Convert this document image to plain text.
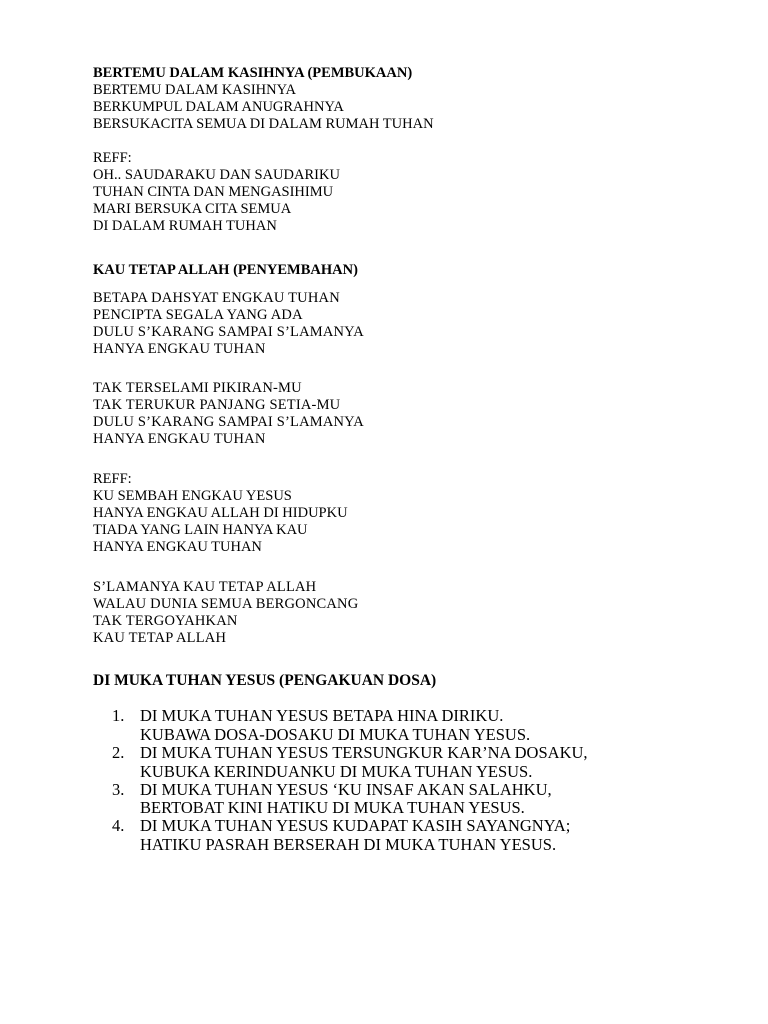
BERTEMU DALAM KASIHNYA (PEMBUKAAN)
BERTEMU DALAM KASIHNYA
BERKUMPUL DALAM ANUGRAHNYA
BERSUKACITA SEMUA DI DALAM RUMAH TUHAN
REFF:
OH.. SAUDARAKU DAN SAUDARIKU
TUHAN CINTA DAN MENGASIHIMU
MARI BERSUKA CITA SEMUA
DI DALAM RUMAH TUHAN
KAU TETAP ALLAH (PENYEMBAHAN)
BETAPA DAHSYAT ENGKAU TUHAN
PENCIPTA SEGALA YANG ADA
DULU S’KARANG SAMPAI S’LAMANYA
HANYA ENGKAU TUHAN
TAK TERSELAMI PIKIRAN-MU
TAK TERUKUR PANJANG SETIA-MU
DULU S’KARANG SAMPAI S’LAMANYA
HANYA ENGKAU TUHAN
REFF:
KU SEMBAH ENGKAU YESUS
HANYA ENGKAU ALLAH DI HIDUPKU
TIADA YANG LAIN HANYA KAU
HANYA ENGKAU TUHAN
S’LAMANYA KAU TETAP ALLAH
WALAU DUNIA SEMUA BERGONCANG
TAK TERGOYAHKAN
KAU TETAP ALLAH
DI MUKA TUHAN YESUS (PENGAKUAN DOSA)
1. DI MUKA TUHAN YESUS BETAPA HINA DIRIKU.
KUBAWA DOSA-DOSAKU DI MUKA TUHAN YESUS.
2. DI MUKA TUHAN YESUS TERSUNGKUR KAR’NA DOSAKU,
KUBUKA KERINDUANKU DI MUKA TUHAN YESUS.
3. DI MUKA TUHAN YESUS ‘KU INSAF AKAN SALAHKU,
BERTOBAT KINI HATIKU DI MUKA TUHAN YESUS.
4. DI MUKA TUHAN YESUS KUDAPAT KASIH SAYANGNYA;
HATIKU PASRAH BERSERAH DI MUKA TUHAN YESUS.
